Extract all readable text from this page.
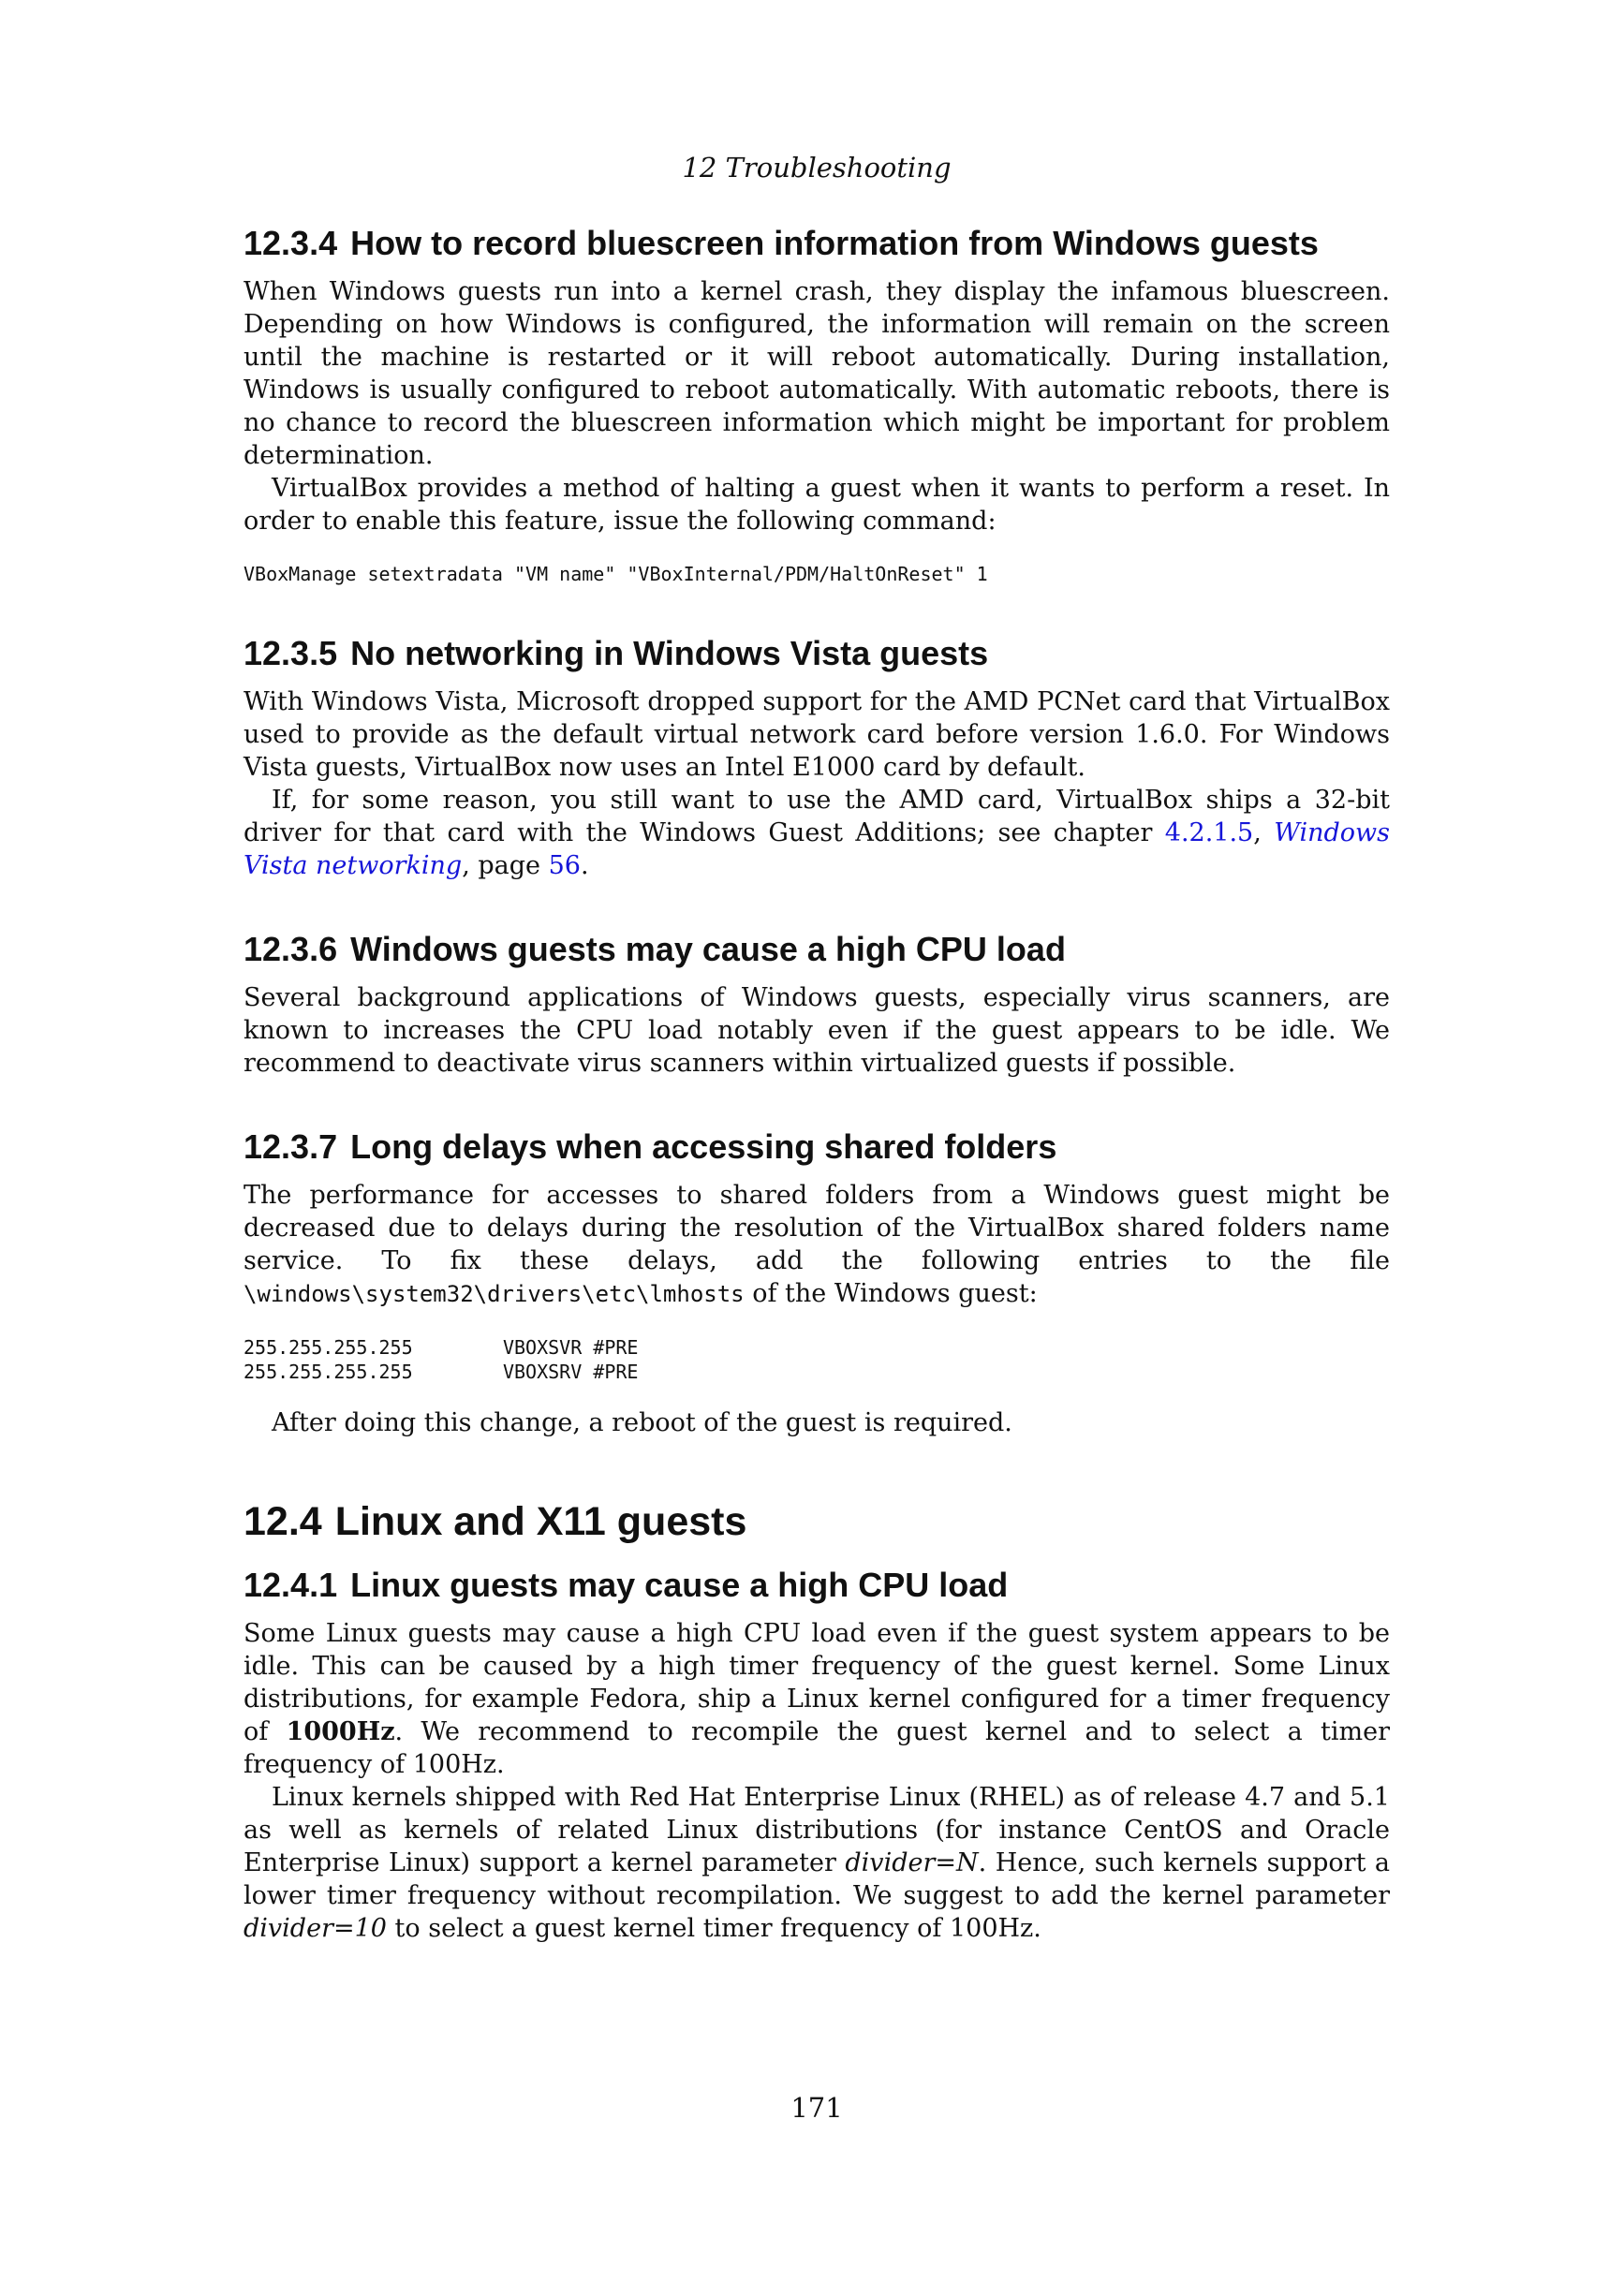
12 Troubleshooting
12.3.4 How to record bluescreen information from Windows guests

When Windows guests run into a kernel crash, they display the infamous bluescreen. Depending on how Windows is configured, the information will remain on the screen until the machine is restarted or it will reboot automatically. During installation, Windows is usually configured to reboot automatically. With automatic reboots, there is no chance to record the bluescreen information which might be important for problem determination.

VirtualBox provides a method of halting a guest when it wants to perform a reset. In order to enable this feature, issue the following command:

VBoxManage setextradata "VM name" "VBoxInternal/PDM/HaltOnReset" 1
12.3.5 No networking in Windows Vista guests

With Windows Vista, Microsoft dropped support for the AMD PCNet card that VirtualBox used to provide as the default virtual network card before version 1.6.0. For Windows Vista guests, VirtualBox now uses an Intel E1000 card by default.

If, for some reason, you still want to use the AMD card, VirtualBox ships a 32-bit driver for that card with the Windows Guest Additions; see chapter 4.2.1.5, Windows Vista networking, page 56.

12.3.6 Windows guests may cause a high CPU load

Several background applications of Windows guests, especially virus scanners, are known to increases the CPU load notably even if the guest appears to be idle. We recommend to deactivate virus scanners within virtualized guests if possible.

12.3.7 Long delays when accessing shared folders

The performance for accesses to shared folders from a Windows guest might be decreased due to delays during the resolution of the VirtualBox shared folders name service. To fix these delays, add the following entries to the file \windows\system32\drivers\etc\lmhosts of the Windows guest:

255.255.255.255        VBOXSVR #PRE
255.255.255.255        VBOXSRV #PRE

After doing this change, a reboot of the guest is required.

12.4 Linux and X11 guests
12.4.1 Linux guests may cause a high CPU load

Some Linux guests may cause a high CPU load even if the guest system appears to be idle. This can be caused by a high timer frequency of the guest kernel. Some Linux distributions, for example Fedora, ship a Linux kernel configured for a timer frequency of 1000Hz. We recommend to recompile the guest kernel and to select a timer frequency of 100Hz.

Linux kernels shipped with Red Hat Enterprise Linux (RHEL) as of release 4.7 and 5.1 as well as kernels of related Linux distributions (for instance CentOS and Oracle Enterprise Linux) support a kernel parameter divider=N. Hence, such kernels support a lower timer frequency without recompilation. We suggest to add the kernel parameter divider=10 to select a guest kernel timer frequency of 100Hz.

171
